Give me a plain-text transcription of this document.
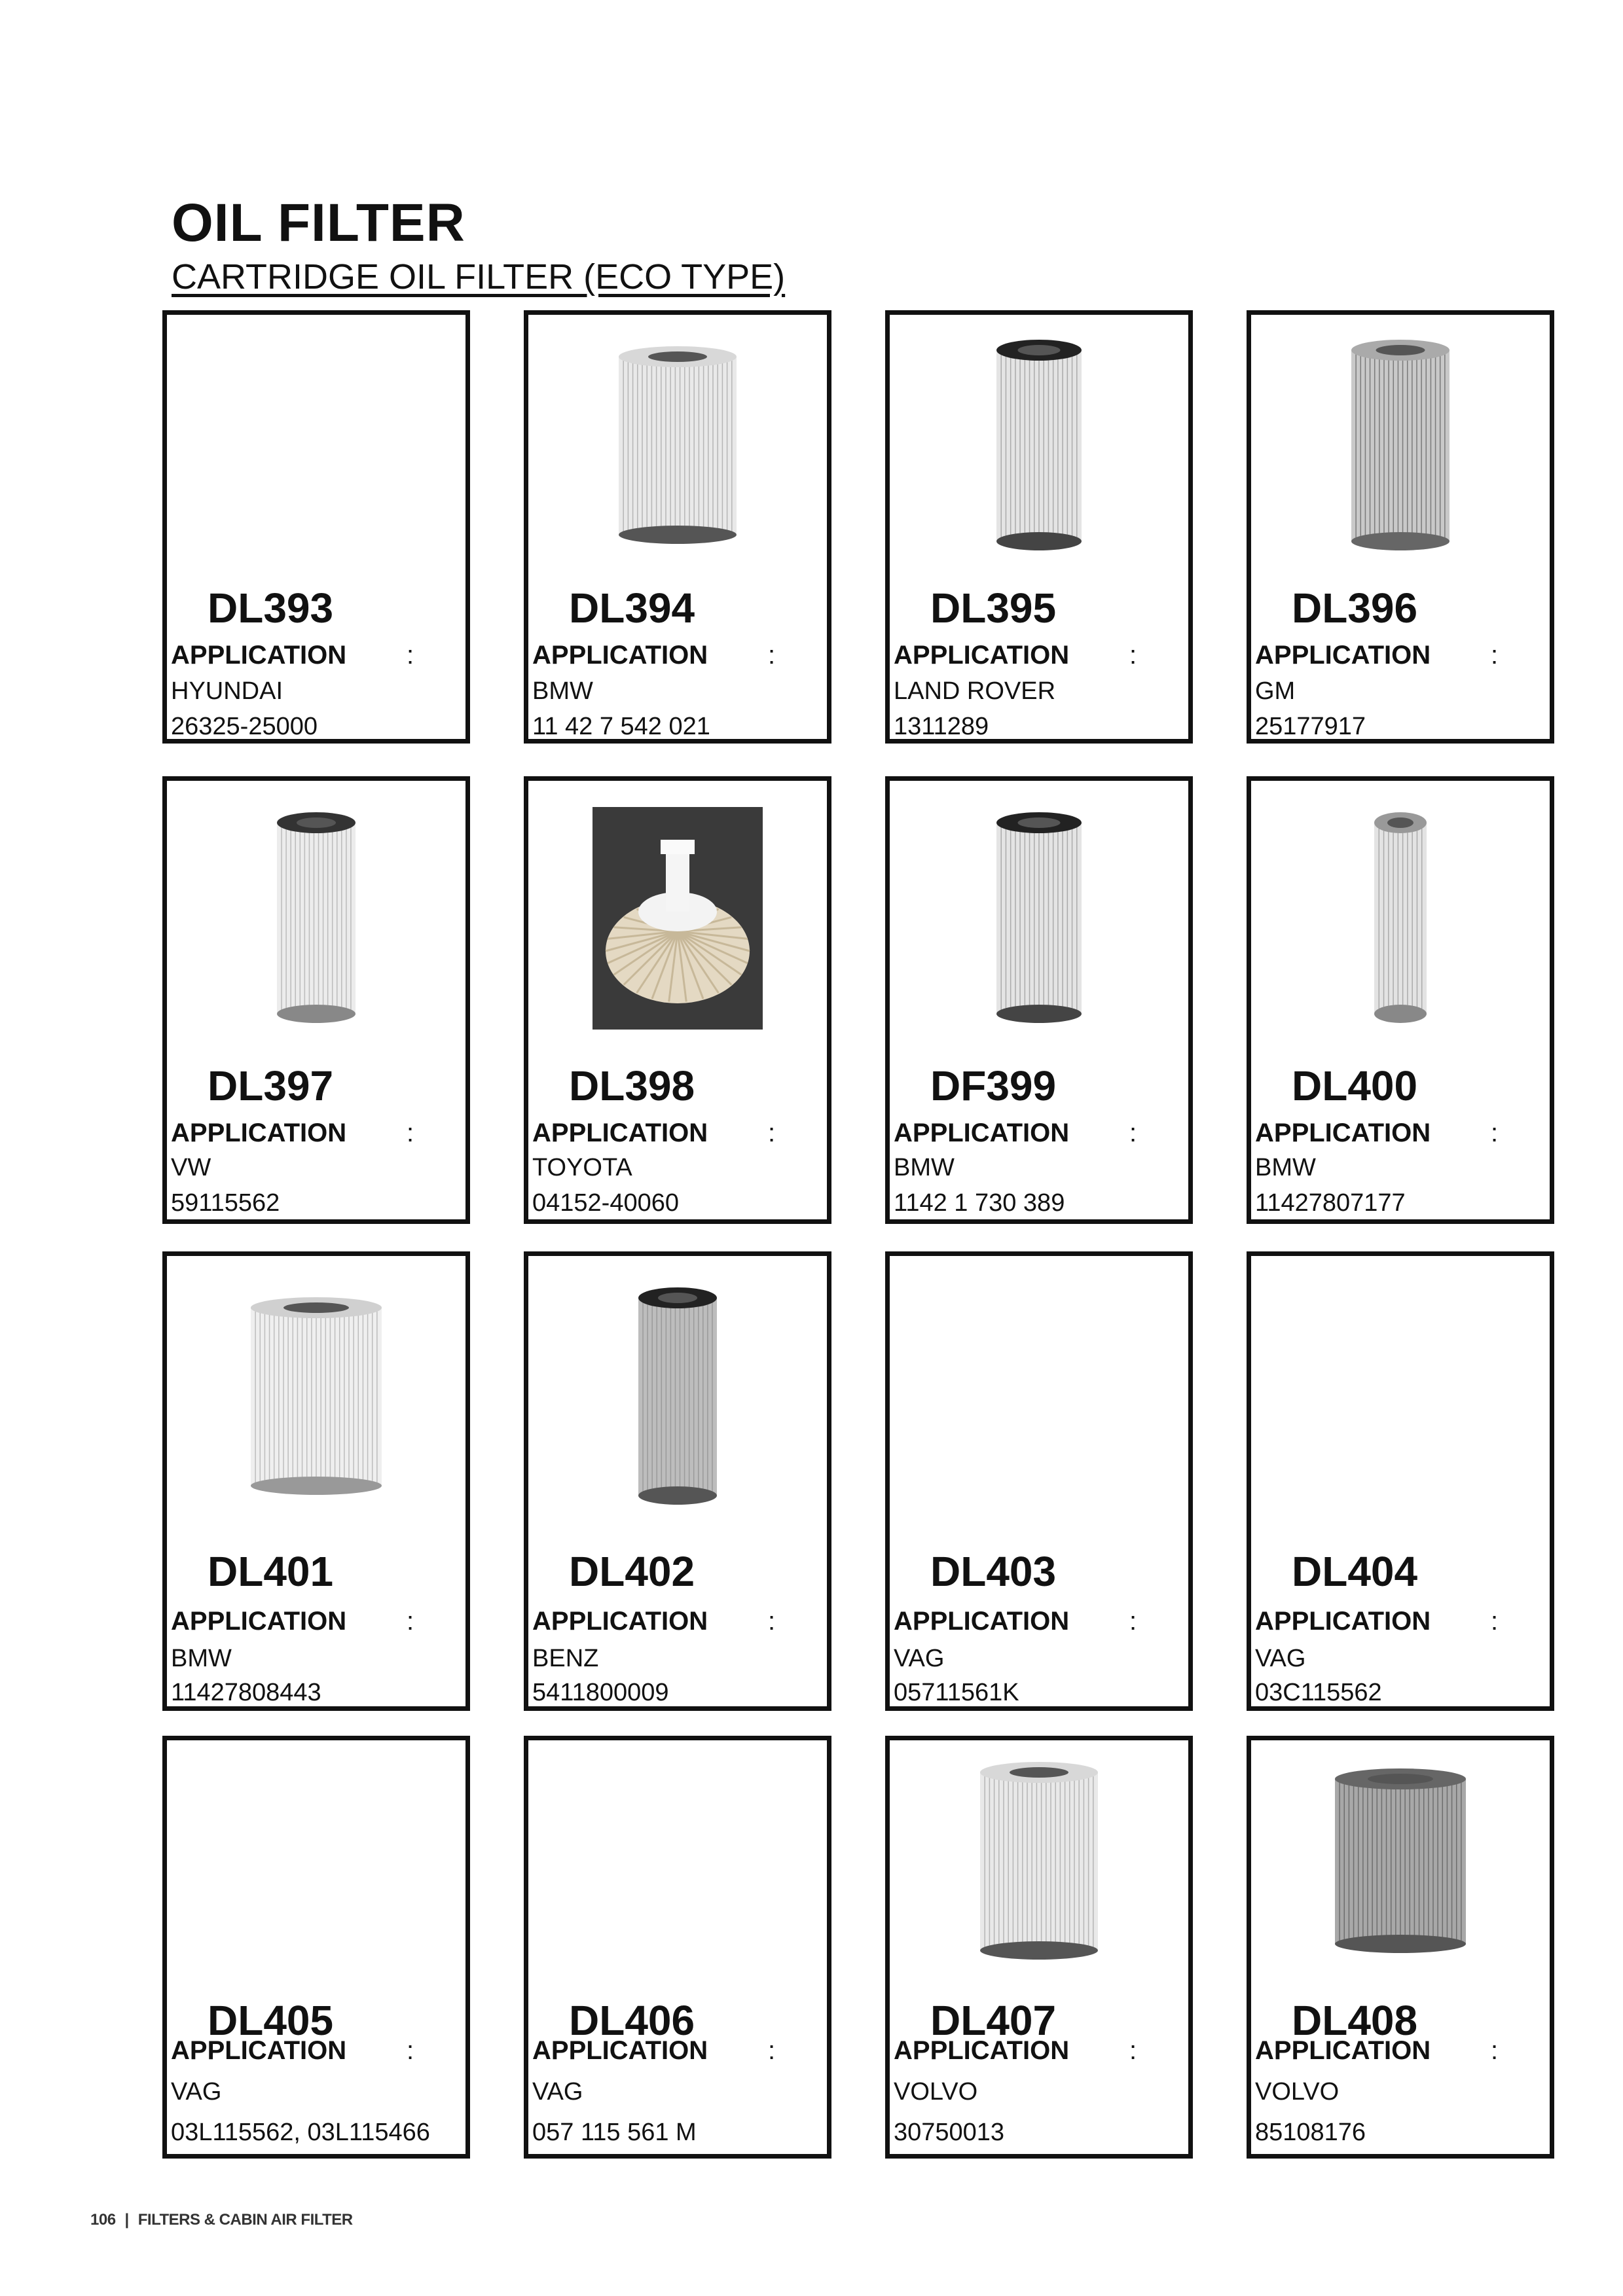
OIL FILTER
CARTRIDGE OIL FILTER (ECO TYPE)
DL393
APPLICATION :
HYUNDAI
26325-25000
DL394
APPLICATION :
BMW
11 42 7 542 021
DL395
APPLICATION :
LAND ROVER
1311289
DL396
APPLICATION :
GM
25177917
DL397
APPLICATION :
VW
59115562
DL398
APPLICATION :
TOYOTA
04152-40060
DF399
APPLICATION :
BMW
1142 1 730 389
DL400
APPLICATION :
BMW
11427807177
DL401
APPLICATION :
BMW
11427808443
DL402
APPLICATION :
BENZ
5411800009
DL403
APPLICATION :
VAG
05711561K
DL404
APPLICATION :
VAG
03C115562
DL405
APPLICATION :
VAG
03L115562, 03L115466
DL406
APPLICATION :
VAG
057 115 561 M
DL407
APPLICATION :
VOLVO
30750013
DL408
APPLICATION :
VOLVO
85108176
106 | FILTERS & CABIN AIR FILTER
